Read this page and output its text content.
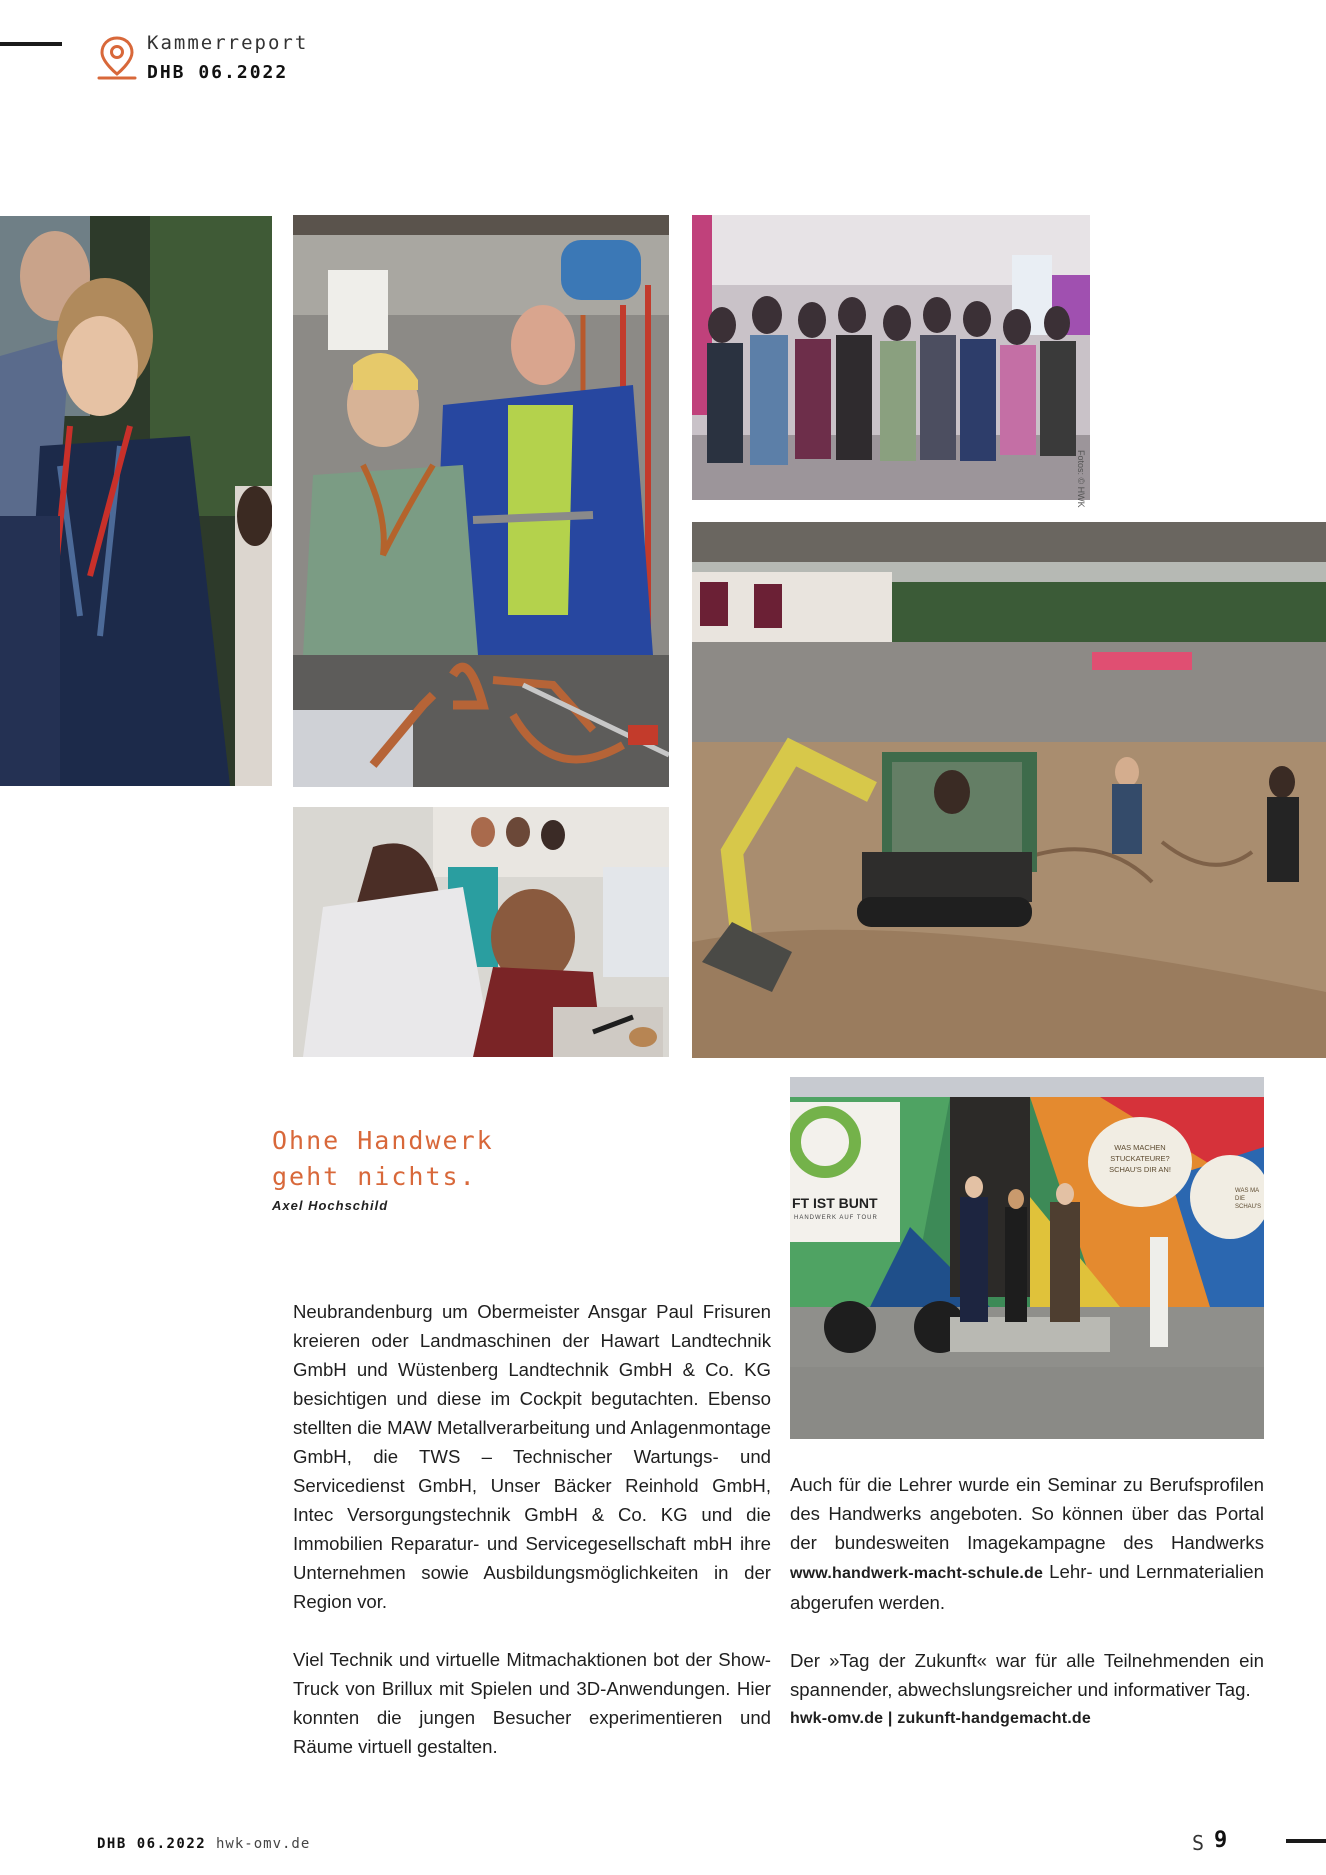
Kammerreport
DHB 06.2022
FT IST BUNT
HANDWERK AUF TOUR
WAS MACHEN STUCKATEURE? SCHAU'S DIR AN!
WAS MA DIE SCHAU'S
Fotos: © HWK
Ohne Handwerk
geht nichts.
Axel Hochschild

Neubrandenburg um Obermeister Ansgar Paul Frisuren kreieren oder Landmaschinen der Hawart Landtechnik GmbH und Wüstenberg Landtechnik GmbH & Co. KG besichtigen und diese im Cockpit begutachten. Ebenso stellten die MAW Metallverarbeitung und Anlagenmontage GmbH, die TWS – Technischer Wartungs- und Servicedienst GmbH, Unser Bäcker Reinhold GmbH, Intec Versorgungstechnik GmbH & Co. KG und die Immobilien Reparatur- und Servicegesellschaft mbH ihre Unternehmen sowie Ausbildungsmöglichkeiten in der Region vor.

Viel Technik und virtuelle Mitmachaktionen bot der Show-Truck von Brillux mit Spielen und 3D-Anwendungen. Hier konnten die jungen Besucher experimentieren und Räume virtuell gestalten.

Auch für die Lehrer wurde ein Seminar zu Berufsprofilen des Handwerks angeboten. So können über das Portal der bundesweiten Imagekampagne des Handwerks www.handwerk-macht-schule.de Lehr- und Lernmaterialien abgerufen werden.

Der »Tag der Zukunft« war für alle Teilnehmenden ein spannender, abwechslungsreicher und informativer Tag.

hwk-omv.de | zukunft-handgemacht.de
DHB 06.2022 hwk-omv.de	S 9
